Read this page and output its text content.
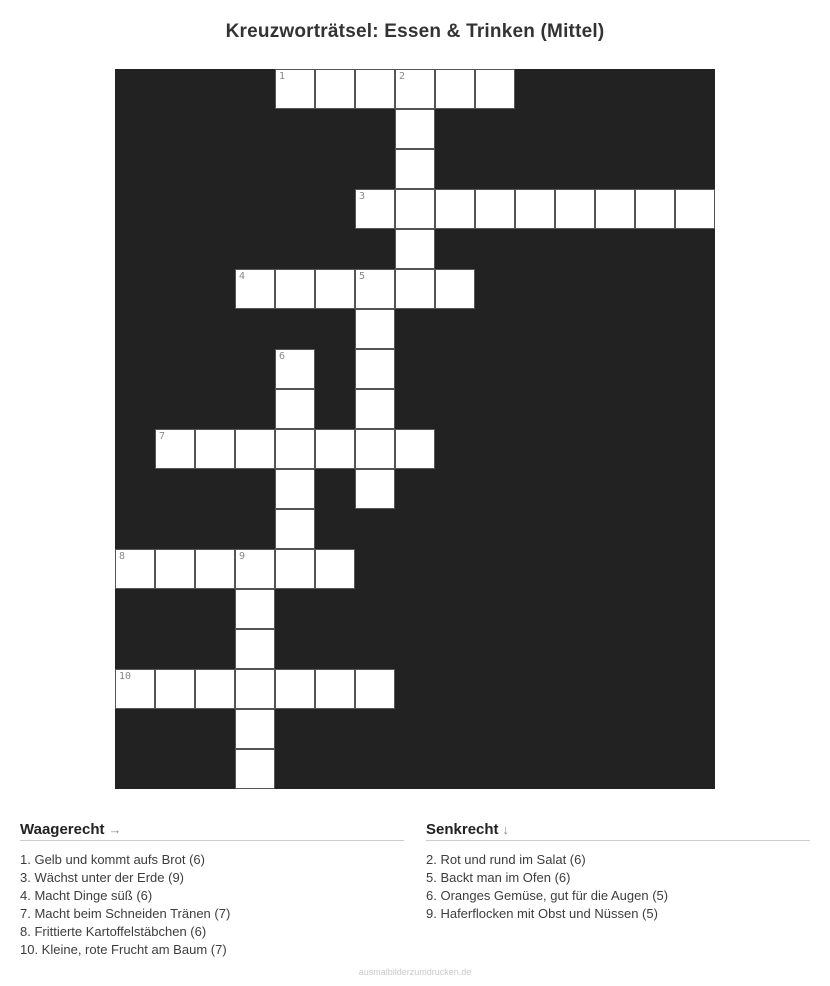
Kreuzworträtsel: Essen & Trinken (Mittel)
1	2
3
4	5
6
7
8	9
10
Waagerecht →
1. Gelb und kommt aufs Brot (6)
3. Wächst unter der Erde (9)
4. Macht Dinge süß (6)
7. Macht beim Schneiden Tränen (7)
8. Frittierte Kartoffelstäbchen (6)
10. Kleine, rote Frucht am Baum (7)
Senkrecht ↓
2. Rot und rund im Salat (6)
5. Backt man im Ofen (6)
6. Oranges Gemüse, gut für die Augen (5)
9. Haferflocken mit Obst und Nüssen (5)
ausmalbilderzumdrucken.de
